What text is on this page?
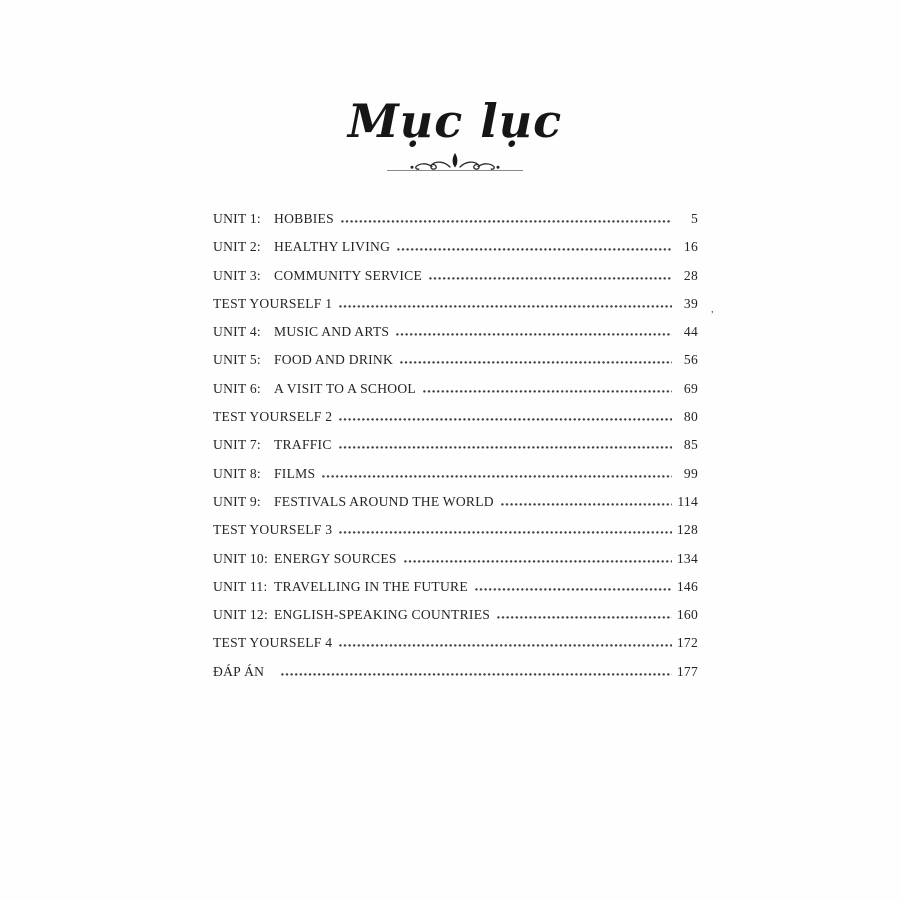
Mục lục
UNIT 1: HOBBIES	5
UNIT 2: HEALTHY LIVING	16
UNIT 3: COMMUNITY SERVICE	28
TEST YOURSELF 1	39
UNIT 4: MUSIC AND ARTS	44
UNIT 5: FOOD AND DRINK	56
UNIT 6: A VISIT TO A SCHOOL	69
TEST YOURSELF 2	80
UNIT 7: TRAFFIC	85
UNIT 8: FILMS	99
UNIT 9: FESTIVALS AROUND THE WORLD	114
TEST YOURSELF 3	128
UNIT 10: ENERGY SOURCES	134
UNIT 11: TRAVELLING IN THE FUTURE	146
UNIT 12: ENGLISH-SPEAKING COUNTRIES	160
TEST YOURSELF 4	172
ĐÁP ÁN	177
,
